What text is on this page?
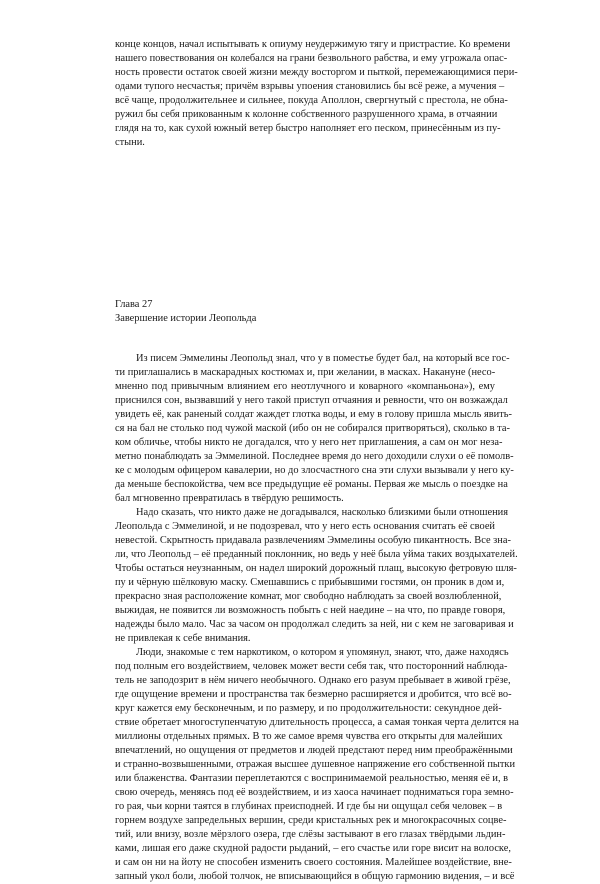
конце концов, начал испытывать к опиуму неудержимую тягу и пристрастие. Ко времени
нашего повествования он колебался на грани безвольного рабства, и ему угрожала опас-
ность провести остаток своей жизни между восторгом и пыткой, перемежающимися пери-
одами тупого несчастья; причём взрывы упоения становились бы всё реже, а мучения –
всё чаще, продолжительнее и сильнее, покуда Аполлон, свергнутый с престола, не обна-
ружил бы себя прикованным к колонне собственного разрушенного храма, в отчаянии
глядя на то, как сухой южный ветер быстро наполняет его песком, принесённым из пу-
стыни.
Глава 27
Завершение истории Леопольда
Из писем Эммелины Леопольд знал, что у в поместье будет бал, на который все гос-
ти приглашались в маскарадных костюмах и, при желании, в масках. Накануне (несо-
мненно под привычным влиянием его неотлучного и коварного «компаньона»), ему
приснился сон, вызвавший у него такой приступ отчаяния и ревности, что он возжаждал
увидеть её, как раненый солдат жаждет глотка воды, и ему в голову пришла мысль явить-
ся на бал не столько под чужой маской (ибо он не собирался притворяться), сколько в та-
ком обличье, чтобы никто не догадался, что у него нет приглашения, а сам он мог неза-
метно понаблюдать за Эммелиной. Последнее время до него доходили слухи о её помолв-
ке с молодым офицером кавалерии, но до злосчастного сна эти слухи вызывали у него ку-
да меньше беспокойства, чем все предыдущие её романы. Первая же мысль о поездке на
бал мгновенно превратилась в твёрдую решимость.
Надо сказать, что никто даже не догадывался, насколько близкими были отношения
Леопольда с Эммелиной, и не подозревал, что у него есть основания считать её своей
невестой. Скрытность придавала развлечениям Эммелины особую пикантность. Все зна-
ли, что Леопольд – её преданный поклонник, но ведь у неё была уйма таких воздыхателей.
Чтобы остаться неузнанным, он надел широкий дорожный плащ, высокую фетровую шля-
пу и чёрную шёлковую маску. Смешавшись с прибывшими гостями, он проник в дом и,
прекрасно зная расположение комнат, мог свободно наблюдать за своей возлюбленной,
выжидая, не появится ли возможность побыть с ней наедине – на что, по правде говоря,
надежды было мало. Час за часом он продолжал следить за ней, ни с кем не заговаривая и
не привлекая к себе внимания.
Люди, знакомые с тем наркотиком, о котором я упомянул, знают, что, даже находясь
под полным его воздействием, человек может вести себя так, что посторонний наблюда-
тель не заподозрит в нём ничего необычного. Однако его разум пребывает в живой грёзе,
где ощущение времени и пространства так безмерно расширяется и дробится, что всё во-
круг кажется ему бесконечным, и по размеру, и по продолжительности: секундное дей-
ствие обретает многоступенчатую длительность процесса, а самая тонкая черта делится на
миллионы отдельных прямых. В то же самое время чувства его открыты для малейших
впечатлений, но ощущения от предметов и людей предстают перед ним преображёнными
и странно-возвышенными, отражая высшее душевное напряжение его собственной пытки
или блаженства. Фантазии переплетаются с воспринимаемой реальностью, меняя её и, в
свою очередь, меняясь под её воздействием, и из хаоса начинает подниматься гора земно-
го рая, чьи корни таятся в глубинах преисподней. И где бы ни ощущал себя человек – в
горнем воздухе запредельных вершин, среди кристальных рек и многокрасочных соцве-
тий, или внизу, возле мёрзлого озера, где слёзы застывают в его глазах твёрдыми льдин-
ками, лишая его даже скудной радости рыданий, – его счастье или горе висит на волоске,
и сам он ни на йоту не способен изменить своего состояния. Малейшее воздействие, вне-
запный укол боли, любой толчок, не вписывающийся в общую гармонию видения, – и всё
